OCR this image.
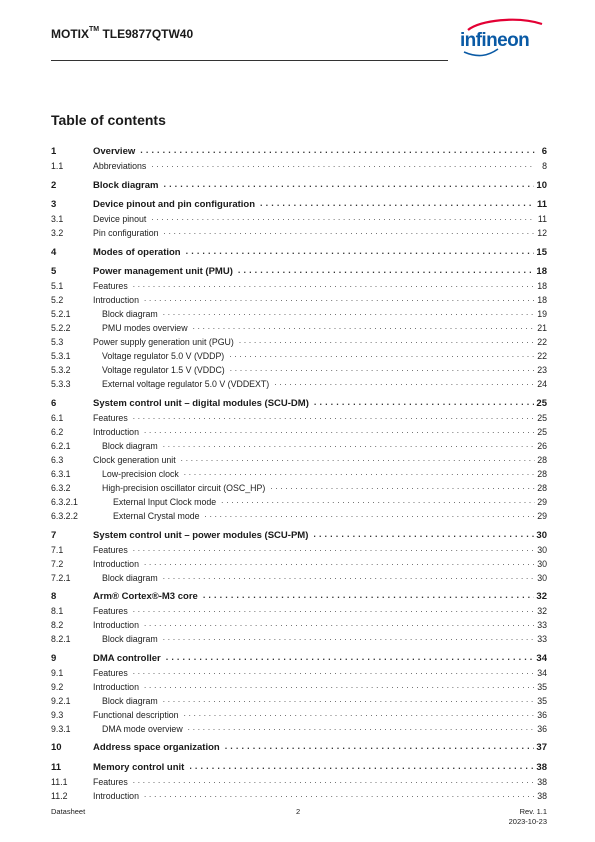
MOTIX™ TLE9877QTW40	infineon
Table of contents
1	Overview . . .	6
1.1	Abbreviations . . .	8
2	Block diagram . . .	10
3	Device pinout and pin configuration . . .	11
3.1	Device pinout . . .	11
3.2	Pin configuration . . .	12
4	Modes of operation . . .	15
5	Power management unit (PMU) . . .	18
5.1	Features . . .	18
5.2	Introduction . . .	18
5.2.1	Block diagram . . .	19
5.2.2	PMU modes overview . . .	21
5.3	Power supply generation unit (PGU) . . .	22
5.3.1	Voltage regulator 5.0 V (VDDP) . . .	22
5.3.2	Voltage regulator 1.5 V (VDDC) . . .	23
5.3.3	External voltage regulator 5.0 V (VDDEXT) . . .	24
6	System control unit – digital modules (SCU-DM) . . .	25
6.1	Features . . .	25
6.2	Introduction . . .	25
6.2.1	Block diagram . . .	26
6.3	Clock generation unit . . .	28
6.3.1	Low-precision clock . . .	28
6.3.2	High-precision oscillator circuit (OSC_HP) . . .	28
6.3.2.1	External Input Clock mode . . .	29
6.3.2.2	External Crystal mode . . .	29
7	System control unit – power modules (SCU-PM) . . .	30
7.1	Features . . .	30
7.2	Introduction . . .	30
7.2.1	Block diagram . . .	30
8	Arm® Cortex®-M3 core . . .	32
8.1	Features . . .	32
8.2	Introduction . . .	33
8.2.1	Block diagram . . .	33
9	DMA controller . . .	34
9.1	Features . . .	34
9.2	Introduction . . .	35
9.2.1	Block diagram . . .	35
9.3	Functional description . . .	36
9.3.1	DMA mode overview . . .	36
10	Address space organization . . .	37
11	Memory control unit . . .	38
11.1	Features . . .	38
11.2	Introduction . . .	38
Datasheet	2	Rev. 1.1
2023-10-23
